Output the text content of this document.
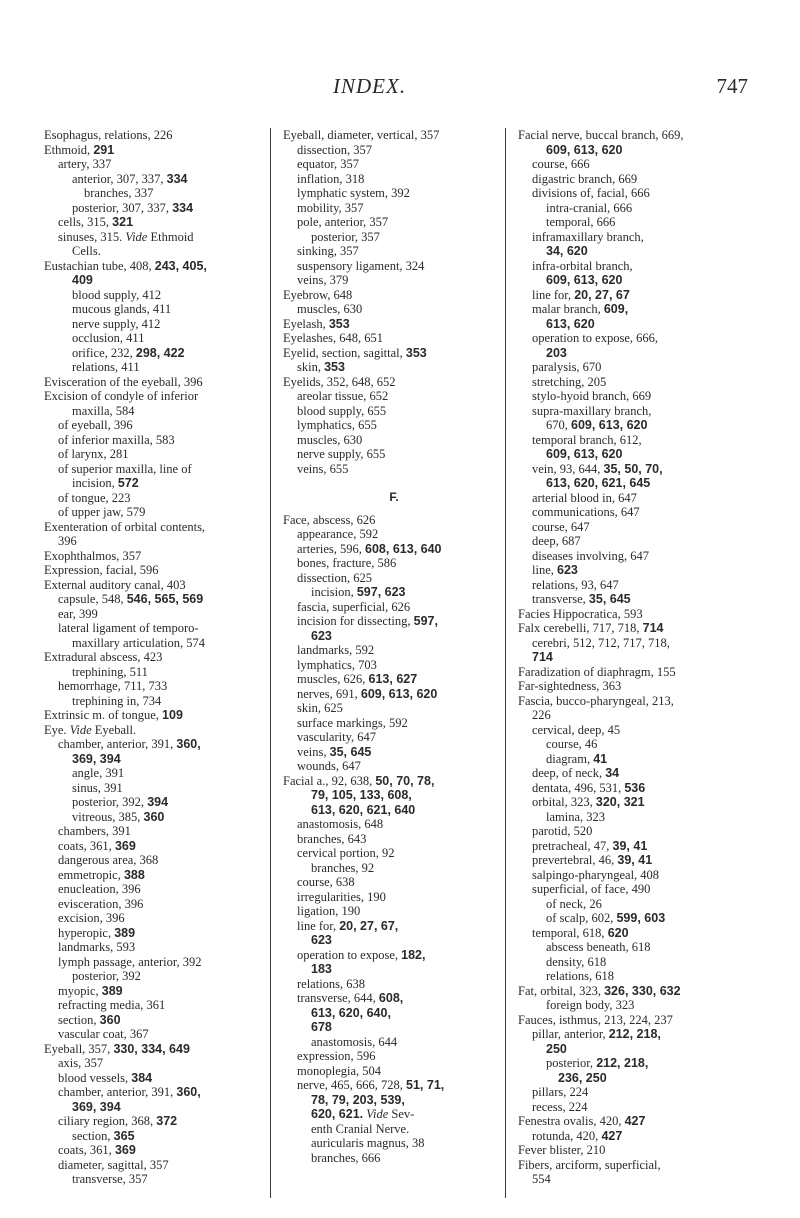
INDEX.	747
Esophagus, relations, 226
Ethmoid, 291
artery, 337
anterior, 307, 337, 334
branches, 337
posterior, 307, 337, 334
cells, 315, 321
sinuses, 315. Vide Ethmoid
Cells.
Eustachian tube, 408, 243, 405,
409
blood supply, 412
mucous glands, 411
nerve supply, 412
occlusion, 411
orifice, 232, 298, 422
relations, 411
Evisceration of the eyeball, 396
Excision of condyle of inferior
maxilla, 584
of eyeball, 396
of inferior maxilla, 583
of larynx, 281
of superior maxilla, line of
incision, 572
of tongue, 223
of upper jaw, 579
Exenteration of orbital contents,
396
Exophthalmos, 357
Expression, facial, 596
External auditory canal, 403
capsule, 548, 546, 565, 569
ear, 399
lateral ligament of temporo-
maxillary articulation, 574
Extradural abscess, 423
trephining, 511
hemorrhage, 711, 733
trephining in, 734
Extrinsic m. of tongue, 109
Eye. Vide Eyeball.
chamber, anterior, 391, 360,
369, 394
angle, 391
sinus, 391
posterior, 392, 394
vitreous, 385, 360
chambers, 391
coats, 361, 369
dangerous area, 368
emmetropic, 388
enucleation, 396
evisceration, 396
excision, 396
hyperopic, 389
landmarks, 593
lymph passage, anterior, 392
posterior, 392
myopic, 389
refracting media, 361
section, 360
vascular coat, 367
Eyeball, 357, 330, 334, 649
axis, 357
blood vessels, 384
chamber, anterior, 391, 360,
369, 394
ciliary region, 368, 372
section, 365
coats, 361, 369
diameter, sagittal, 357
transverse, 357
Eyeball, diameter, vertical, 357
dissection, 357
equator, 357
inflation, 318
lymphatic system, 392
mobility, 357
pole, anterior, 357
posterior, 357
sinking, 357
suspensory ligament, 324
veins, 379
Eyebrow, 648
muscles, 630
Eyelash, 353
Eyelashes, 648, 651
Eyelid, section, sagittal, 353
skin, 353
Eyelids, 352, 648, 652
areolar tissue, 652
blood supply, 655
lymphatics, 655
muscles, 630
nerve supply, 655
veins, 655
F.
Face, abscess, 626
appearance, 592
arteries, 596, 608, 613, 640
bones, fracture, 586
dissection, 625
incision, 597, 623
fascia, superficial, 626
incision for dissecting, 597,
623
landmarks, 592
lymphatics, 703
muscles, 626, 613, 627
nerves, 691, 609, 613, 620
skin, 625
surface markings, 592
vascularity, 647
veins, 35, 645
wounds, 647
Facial a., 92, 638, 50, 70, 78,
79, 105, 133, 608,
613, 620, 621, 640
anastomosis, 648
branches, 643
cervical portion, 92
branches, 92
course, 638
irregularities, 190
ligation, 190
line for, 20, 27, 67,
623
operation to expose, 182,
183
relations, 638
transverse, 644, 608,
613, 620, 640,
678
anastomosis, 644
expression, 596
monoplegia, 504
nerve, 465, 666, 728, 51, 71,
78, 79, 203, 539,
620, 621. Vide Sev-
enth Cranial Nerve.
auricularis magnus, 38
branches, 666
Facial nerve, buccal branch, 669,
609, 613, 620
course, 666
digastric branch, 669
divisions of, facial, 666
intra-cranial, 666
temporal, 666
inframaxillary branch,
34, 620
infra-orbital branch,
609, 613, 620
line for, 20, 27, 67
malar branch, 609,
613, 620
operation to expose, 666,
203
paralysis, 670
stretching, 205
stylo-hyoid branch, 669
supra-maxillary branch,
670, 609, 613, 620
temporal branch, 612,
609, 613, 620
vein, 93, 644, 35, 50, 70,
613, 620, 621, 645
arterial blood in, 647
communications, 647
course, 647
deep, 687
diseases involving, 647
line, 623
relations, 93, 647
transverse, 35, 645
Facies Hippocratica, 593
Falx cerebelli, 717, 718, 714
cerebri, 512, 712, 717, 718,
714
Faradization of diaphragm, 155
Far-sightedness, 363
Fascia, bucco-pharyngeal, 213,
226
cervical, deep, 45
course, 46
diagram, 41
deep, of neck, 34
dentata, 496, 531, 536
orbital, 323, 320, 321
lamina, 323
parotid, 520
pretracheal, 47, 39, 41
prevertebral, 46, 39, 41
salpingo-pharyngeal, 408
superficial, of face, 490
of neck, 26
of scalp, 602, 599, 603
temporal, 618, 620
abscess beneath, 618
density, 618
relations, 618
Fat, orbital, 323, 326, 330, 632
foreign body, 323
Fauces, isthmus, 213, 224, 237
pillar, anterior, 212, 218,
250
posterior, 212, 218,
236, 250
pillars, 224
recess, 224
Fenestra ovalis, 420, 427
rotunda, 420, 427
Fever blister, 210
Fibers, arciform, superficial,
554
